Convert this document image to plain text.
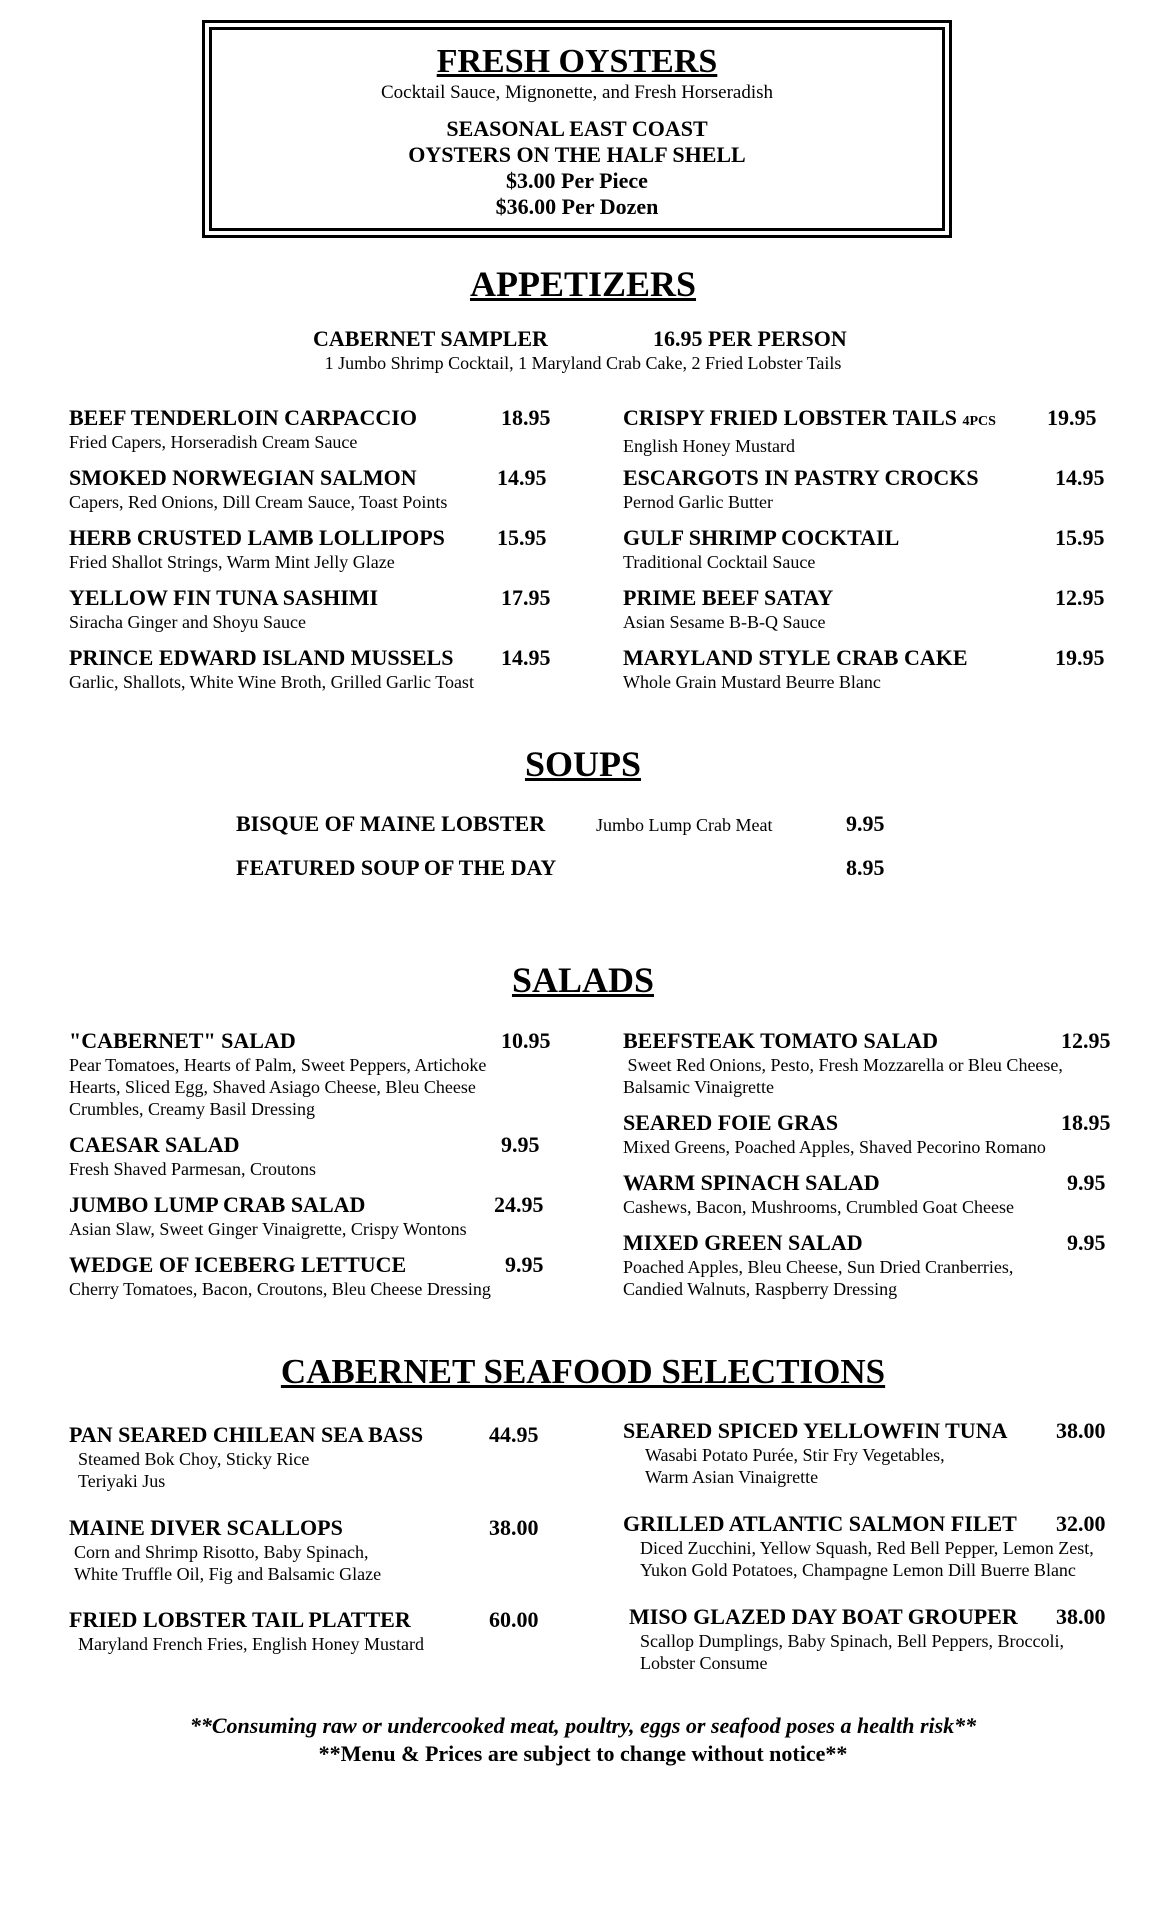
FRESH OYSTERS
Cocktail Sauce, Mignonette, and Fresh Horseradish
SEASONAL EAST COAST
OYSTERS ON THE HALF SHELL
$3.00 Per Piece
$36.00 Per Dozen
APPETIZERS
CABERNET SAMPLER	16.95 PER PERSON
1 Jumbo Shrimp Cocktail, 1 Maryland Crab Cake, 2 Fried Lobster Tails
BEEF TENDERLOIN CARPACCIO	18.95
Fried Capers, Horseradish Cream Sauce
SMOKED NORWEGIAN SALMON	14.95
Capers, Red Onions, Dill Cream Sauce, Toast Points
HERB CRUSTED LAMB LOLLIPOPS	15.95
Fried Shallot Strings, Warm Mint Jelly Glaze
YELLOW FIN TUNA SASHIMI	17.95
Siracha Ginger and Shoyu Sauce
PRINCE EDWARD ISLAND MUSSELS	14.95
Garlic, Shallots, White Wine Broth, Grilled Garlic Toast
CRISPY FRIED LOBSTER TAILS 4PCS	19.95
English Honey Mustard
ESCARGOTS IN PASTRY CROCKS	14.95
Pernod Garlic Butter
GULF SHRIMP COCKTAIL	15.95
Traditional Cocktail Sauce
PRIME BEEF SATAY	12.95
Asian Sesame B-B-Q Sauce
MARYLAND STYLE CRAB CAKE	19.95
Whole Grain Mustard Beurre Blanc
SOUPS
BISQUE OF MAINE LOBSTER	Jumbo Lump Crab Meat	9.95
FEATURED SOUP OF THE DAY	8.95
SALADS
"CABERNET" SALAD	10.95
Pear Tomatoes, Hearts of Palm, Sweet Peppers, Artichoke
Hearts, Sliced Egg, Shaved Asiago Cheese, Bleu Cheese
Crumbles, Creamy Basil Dressing
CAESAR SALAD	9.95
Fresh Shaved Parmesan, Croutons
JUMBO LUMP CRAB SALAD	24.95
Asian Slaw, Sweet Ginger Vinaigrette, Crispy Wontons
WEDGE OF ICEBERG LETTUCE	9.95
Cherry Tomatoes, Bacon, Croutons, Bleu Cheese Dressing
BEEFSTEAK TOMATO SALAD	12.95
Sweet Red Onions, Pesto, Fresh Mozzarella or Bleu Cheese,
Balsamic Vinaigrette
SEARED FOIE GRAS	18.95
Mixed Greens, Poached Apples, Shaved Pecorino Romano
WARM SPINACH SALAD	9.95
Cashews, Bacon, Mushrooms, Crumbled Goat Cheese
MIXED GREEN SALAD	9.95
Poached Apples, Bleu Cheese, Sun Dried Cranberries,
Candied Walnuts, Raspberry Dressing
CABERNET SEAFOOD SELECTIONS
PAN SEARED CHILEAN SEA BASS	44.95
Steamed Bok Choy, Sticky Rice
Teriyaki Jus
MAINE DIVER SCALLOPS	38.00
Corn and Shrimp Risotto, Baby Spinach,
White Truffle Oil, Fig and Balsamic Glaze
FRIED LOBSTER TAIL PLATTER	60.00
Maryland French Fries, English Honey Mustard
SEARED SPICED YELLOWFIN TUNA	38.00
Wasabi Potato Purée, Stir Fry Vegetables,
Warm Asian Vinaigrette
GRILLED ATLANTIC SALMON FILET	32.00
Diced Zucchini, Yellow Squash, Red Bell Pepper, Lemon Zest,
Yukon Gold Potatoes, Champagne Lemon Dill Buerre Blanc
MISO GLAZED DAY BOAT GROUPER	38.00
Scallop Dumplings, Baby Spinach, Bell Peppers, Broccoli,
Lobster Consume
**Consuming raw or undercooked meat, poultry, eggs or seafood poses a health risk**
**Menu & Prices are subject to change without notice**
